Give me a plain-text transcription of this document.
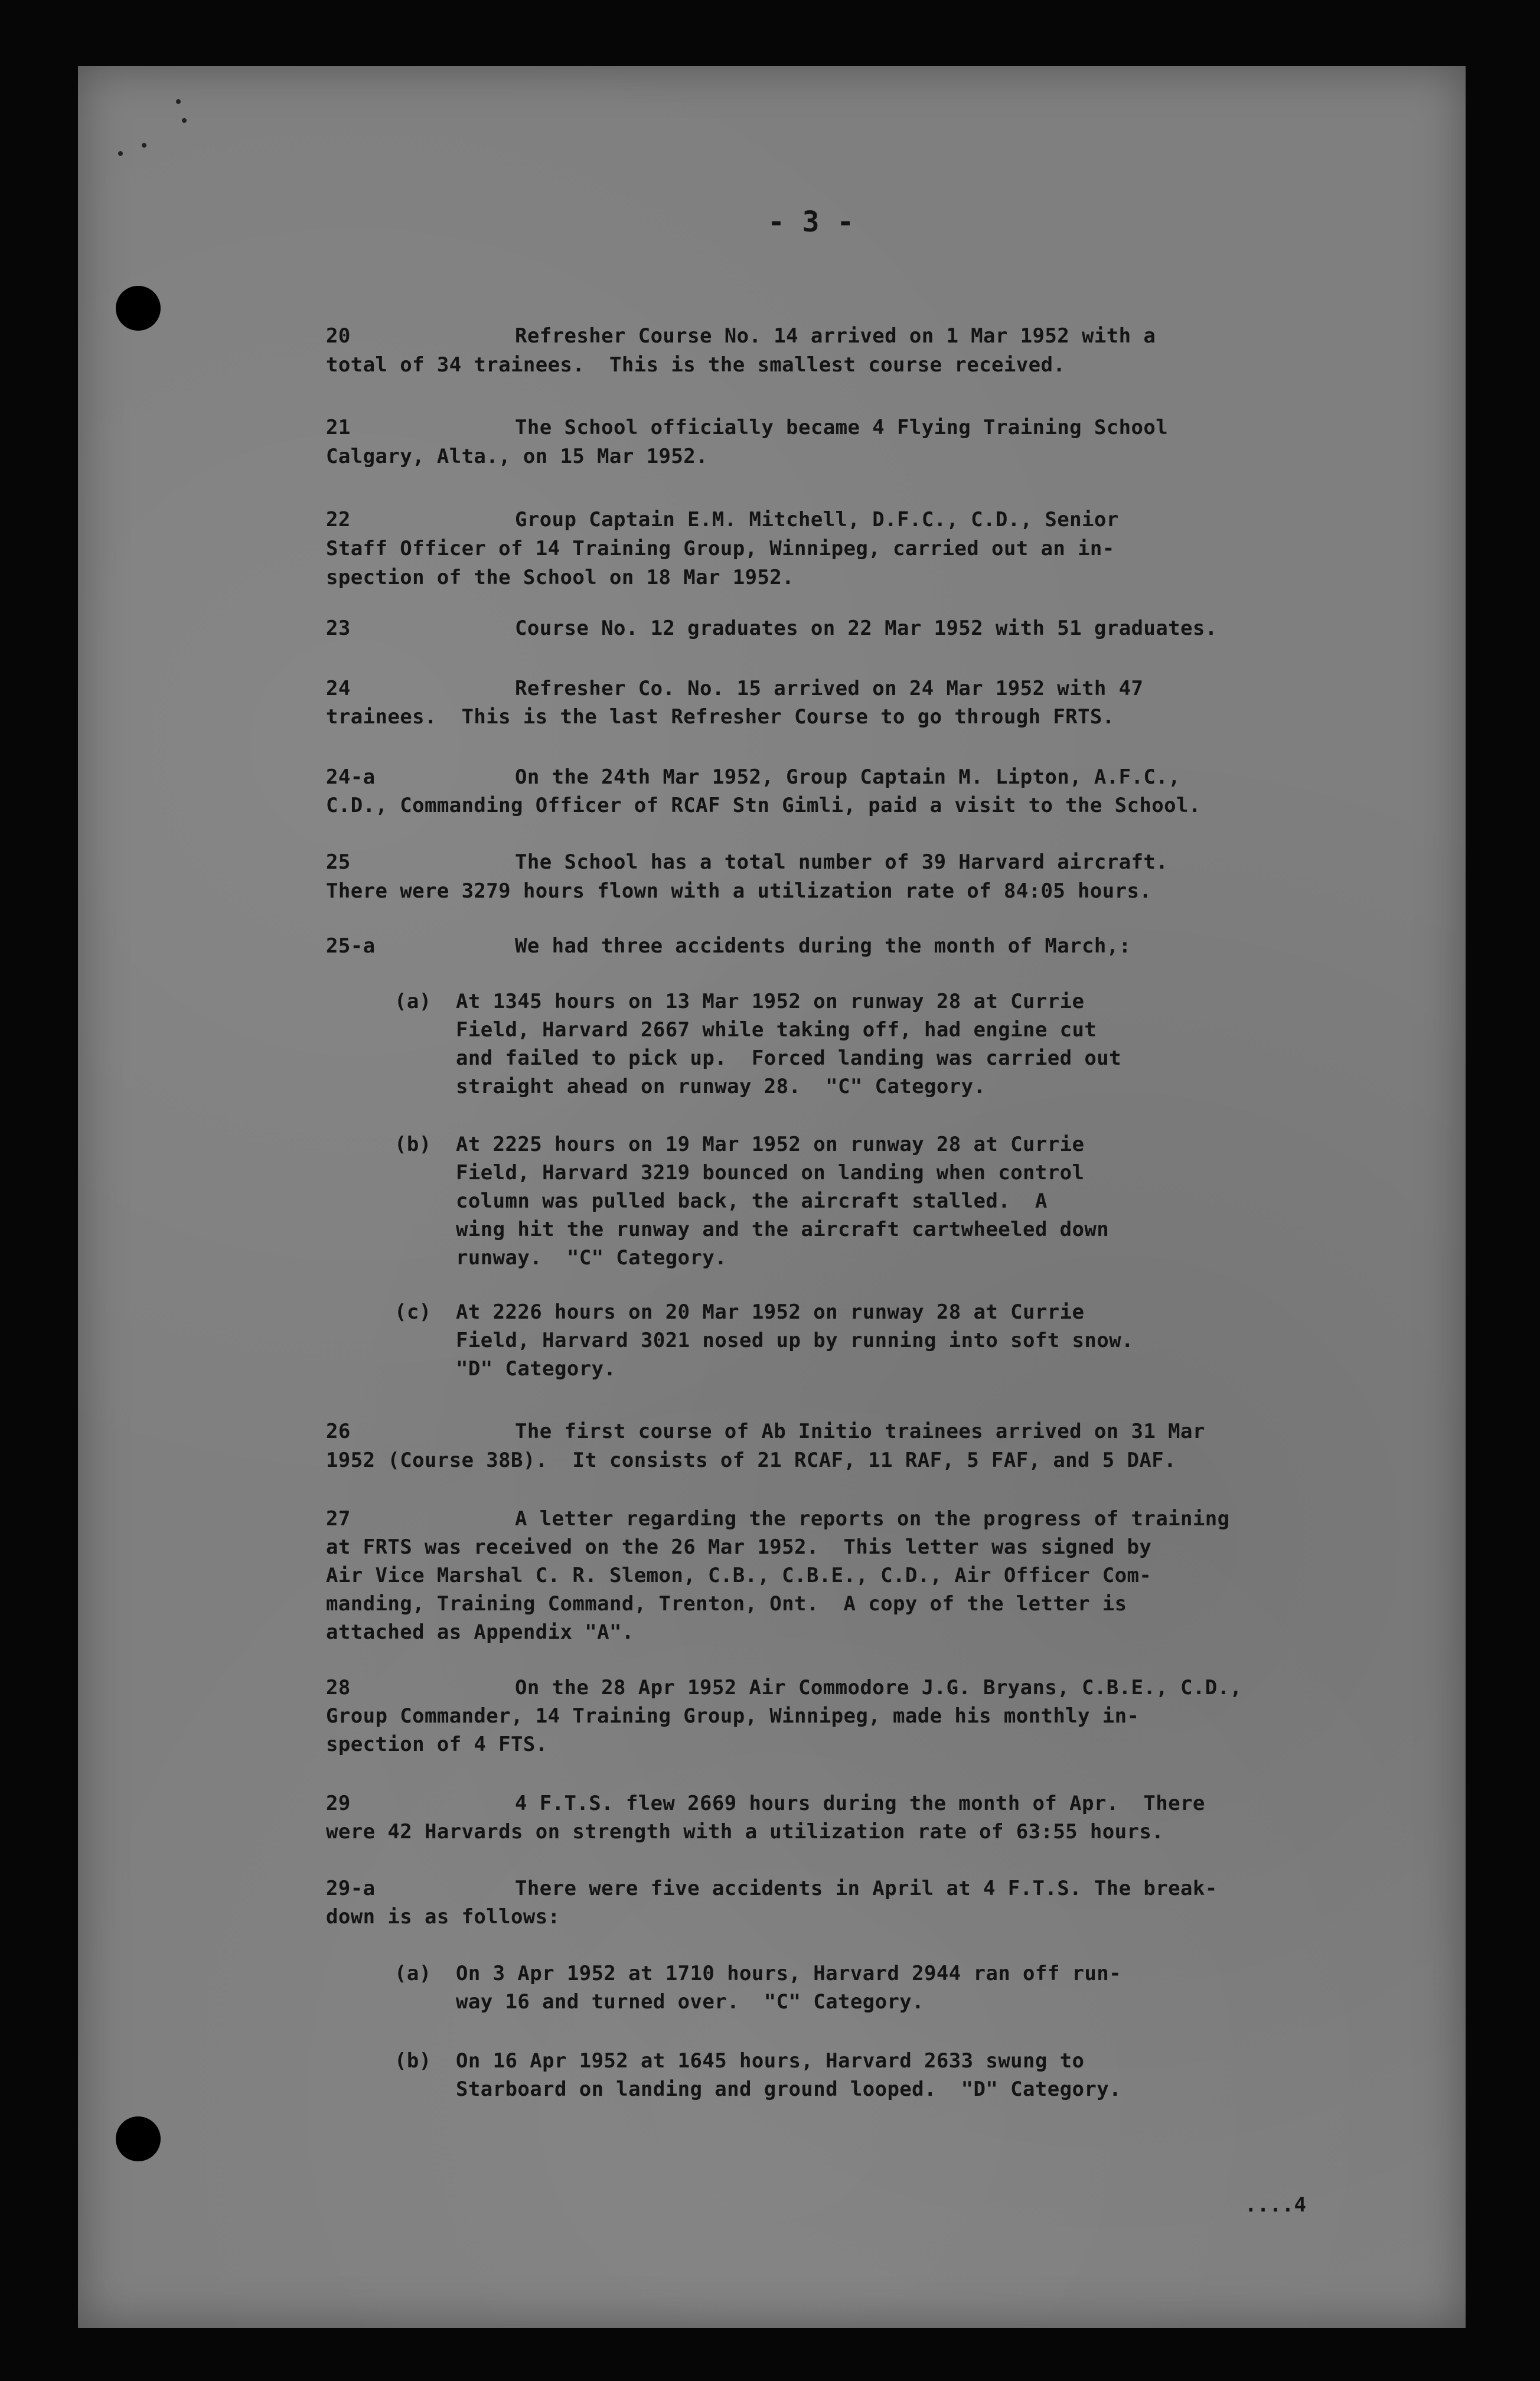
- 3 -
20	Refresher Course No. 14 arrived on 1 Mar 1952 with a
total of 34 trainees.  This is the smallest course received.
21	The School officially became 4 Flying Training School
Calgary, Alta., on 15 Mar 1952.
22	Group Captain E.M. Mitchell, D.F.C., C.D., Senior
Staff Officer of 14 Training Group, Winnipeg, carried out an in-
spection of the School on 18 Mar 1952.
23	Course No. 12 graduates on 22 Mar 1952 with 51 graduates.
24	Refresher Co. No. 15 arrived on 24 Mar 1952 with 47
trainees.  This is the last Refresher Course to go through FRTS.
24-a	On the 24th Mar 1952, Group Captain M. Lipton, A.F.C.,
C.D., Commanding Officer of RCAF Stn Gimli, paid a visit to the School.
25	The School has a total number of 39 Harvard aircraft.
There were 3279 hours flown with a utilization rate of 84:05 hours.
25-a	We had three accidents during the month of March,:
(a) At 1345 hours on 13 Mar 1952 on runway 28 at Currie
Field, Harvard 2667 while taking off, had engine cut
and failed to pick up.  Forced landing was carried out
straight ahead on runway 28.  "C" Category.
(b) At 2225 hours on 19 Mar 1952 on runway 28 at Currie
Field, Harvard 3219 bounced on landing when control
column was pulled back, the aircraft stalled.  A
wing hit the runway and the aircraft cartwheeled down
runway.  "C" Category.
(c) At 2226 hours on 20 Mar 1952 on runway 28 at Currie
Field, Harvard 3021 nosed up by running into soft snow.
"D" Category.
26	The first course of Ab Initio trainees arrived on 31 Mar
1952 (Course 38B).  It consists of 21 RCAF, 11 RAF, 5 FAF, and 5 DAF.
27	A letter regarding the reports on the progress of training
at FRTS was received on the 26 Mar 1952.  This letter was signed by
Air Vice Marshal C. R. Slemon, C.B., C.B.E., C.D., Air Officer Com-
manding, Training Command, Trenton, Ont.  A copy of the letter is
attached as Appendix "A".
28	On the 28 Apr 1952 Air Commodore J.G. Bryans, C.B.E., C.D.,
Group Commander, 14 Training Group, Winnipeg, made his monthly in-
spection of 4 FTS.
29	4 F.T.S. flew 2669 hours during the month of Apr.  There
were 42 Harvards on strength with a utilization rate of 63:55 hours.
29-a	There were five accidents in April at 4 F.T.S. The break-
down is as follows:
(a) On 3 Apr 1952 at 1710 hours, Harvard 2944 ran off run-
way 16 and turned over.  "C" Category.
(b) On 16 Apr 1952 at 1645 hours, Harvard 2633 swung to
Starboard on landing and ground looped.  "D" Category.
....4
